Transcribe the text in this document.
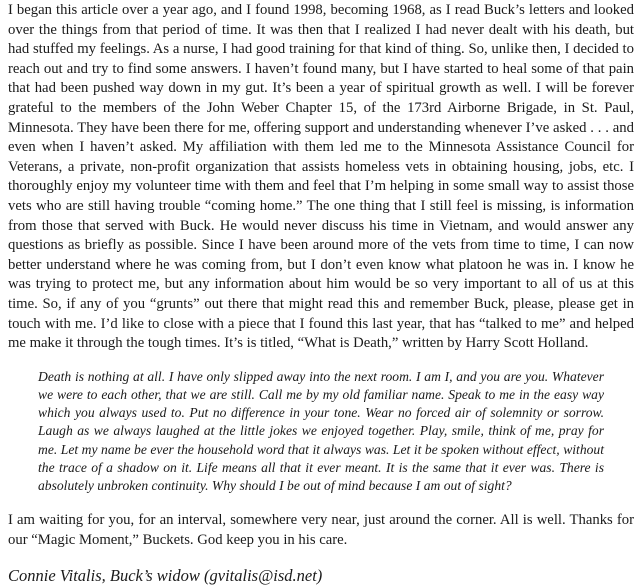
I began this article over a year ago, and I found 1998, becoming 1968, as I read Buck’s letters and looked over the things from that period of time. It was then that I realized I had never dealt with his death, but had stuffed my feelings. As a nurse, I had good training for that kind of thing. So, unlike then, I decided to reach out and try to find some answers. I haven’t found many, but I have started to heal some of that pain that had been pushed way down in my gut. It’s been a year of spiritual growth as well. I will be forever grateful to the members of the John Weber Chapter 15, of the 173rd Airborne Brigade, in St. Paul, Minnesota. They have been there for me, offering support and understanding whenever I’ve asked . . . and even when I haven’t asked. My affiliation with them led me to the Minnesota Assistance Council for Veterans, a private, non-profit organization that assists homeless vets in obtaining housing, jobs, etc. I thoroughly enjoy my volunteer time with them and feel that I’m helping in some small way to assist those vets who are still having trouble “coming home.” The one thing that I still feel is missing, is information from those that served with Buck. He would never discuss his time in Vietnam, and would answer any questions as briefly as possible. Since I have been around more of the vets from time to time, I can now better understand where he was coming from, but I don’t even know what platoon he was in. I know he was trying to protect me, but any information about him would be so very important to all of us at this time. So, if any of you “grunts” out there that might read this and remember Buck, please, please get in touch with me. I’d like to close with a piece that I found this last year, that has “talked to me” and helped me make it through the tough times. It’s is titled, “What is Death,” written by Harry Scott Holland.

Death is nothing at all. I have only slipped away into the next room. I am I, and you are you. Whatever we were to each other, that we are still. Call me by my old familiar name. Speak to me in the easy way which you always used to. Put no difference in your tone. Wear no forced air of solemnity or sorrow. Laugh as we always laughed at the little jokes we enjoyed together. Play, smile, think of me, pray for me. Let my name be ever the household word that it always was. Let it be spoken without effect, without the trace of a shadow on it. Life means all that it ever meant. It is the same that it ever was. There is absolutely unbroken continuity. Why should I be out of mind because I am out of sight?

I am waiting for you, for an interval, somewhere very near, just around the corner. All is well. Thanks for our “Magic Moment,” Buckets. God keep you in his care.

Connie Vitalis, Buck’s widow (gvitalis@isd.net)
